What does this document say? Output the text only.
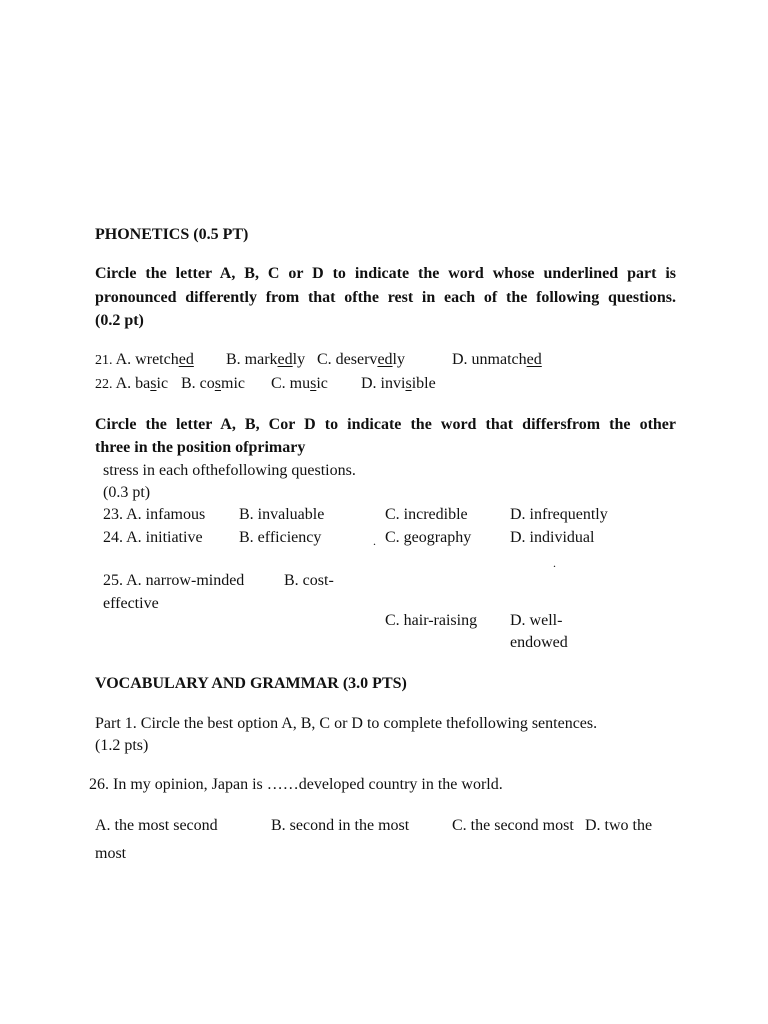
PHONETICS (0.5 PT)
Circle the letter A, B, C or D to indicate the word whose underlined part is
pronounced differently from that ofthe rest in each of the following questions.
(0.2 pt)
21. A. wretched B. markedly C. deservedly	D. unmatched
22. A. basic B. cosmic C. music D. invisible
Circle the letter A, B, Cor D to indicate the word that differsfrom the other
three in the position ofprimary
stress in each ofthefollowing questions.
(0.3 pt)
23. A. infamous B. invaluable	C. incredible	D. infrequently
24. A. initiative B. efficiency	. C. geography D. individual
.
25. A. narrow-minded B. cost-
effective
C. hair-raising D. well-
endowed
VOCABULARY AND GRAMMAR (3.0 PTS)
Part 1. Circle the best option A, B, C or D to complete thefollowing sentences.
(1.2 pts)
26. In my opinion, Japan is ……developed country in the world.
A. the most second	B. second in the most	C. the second most D. two the
most
